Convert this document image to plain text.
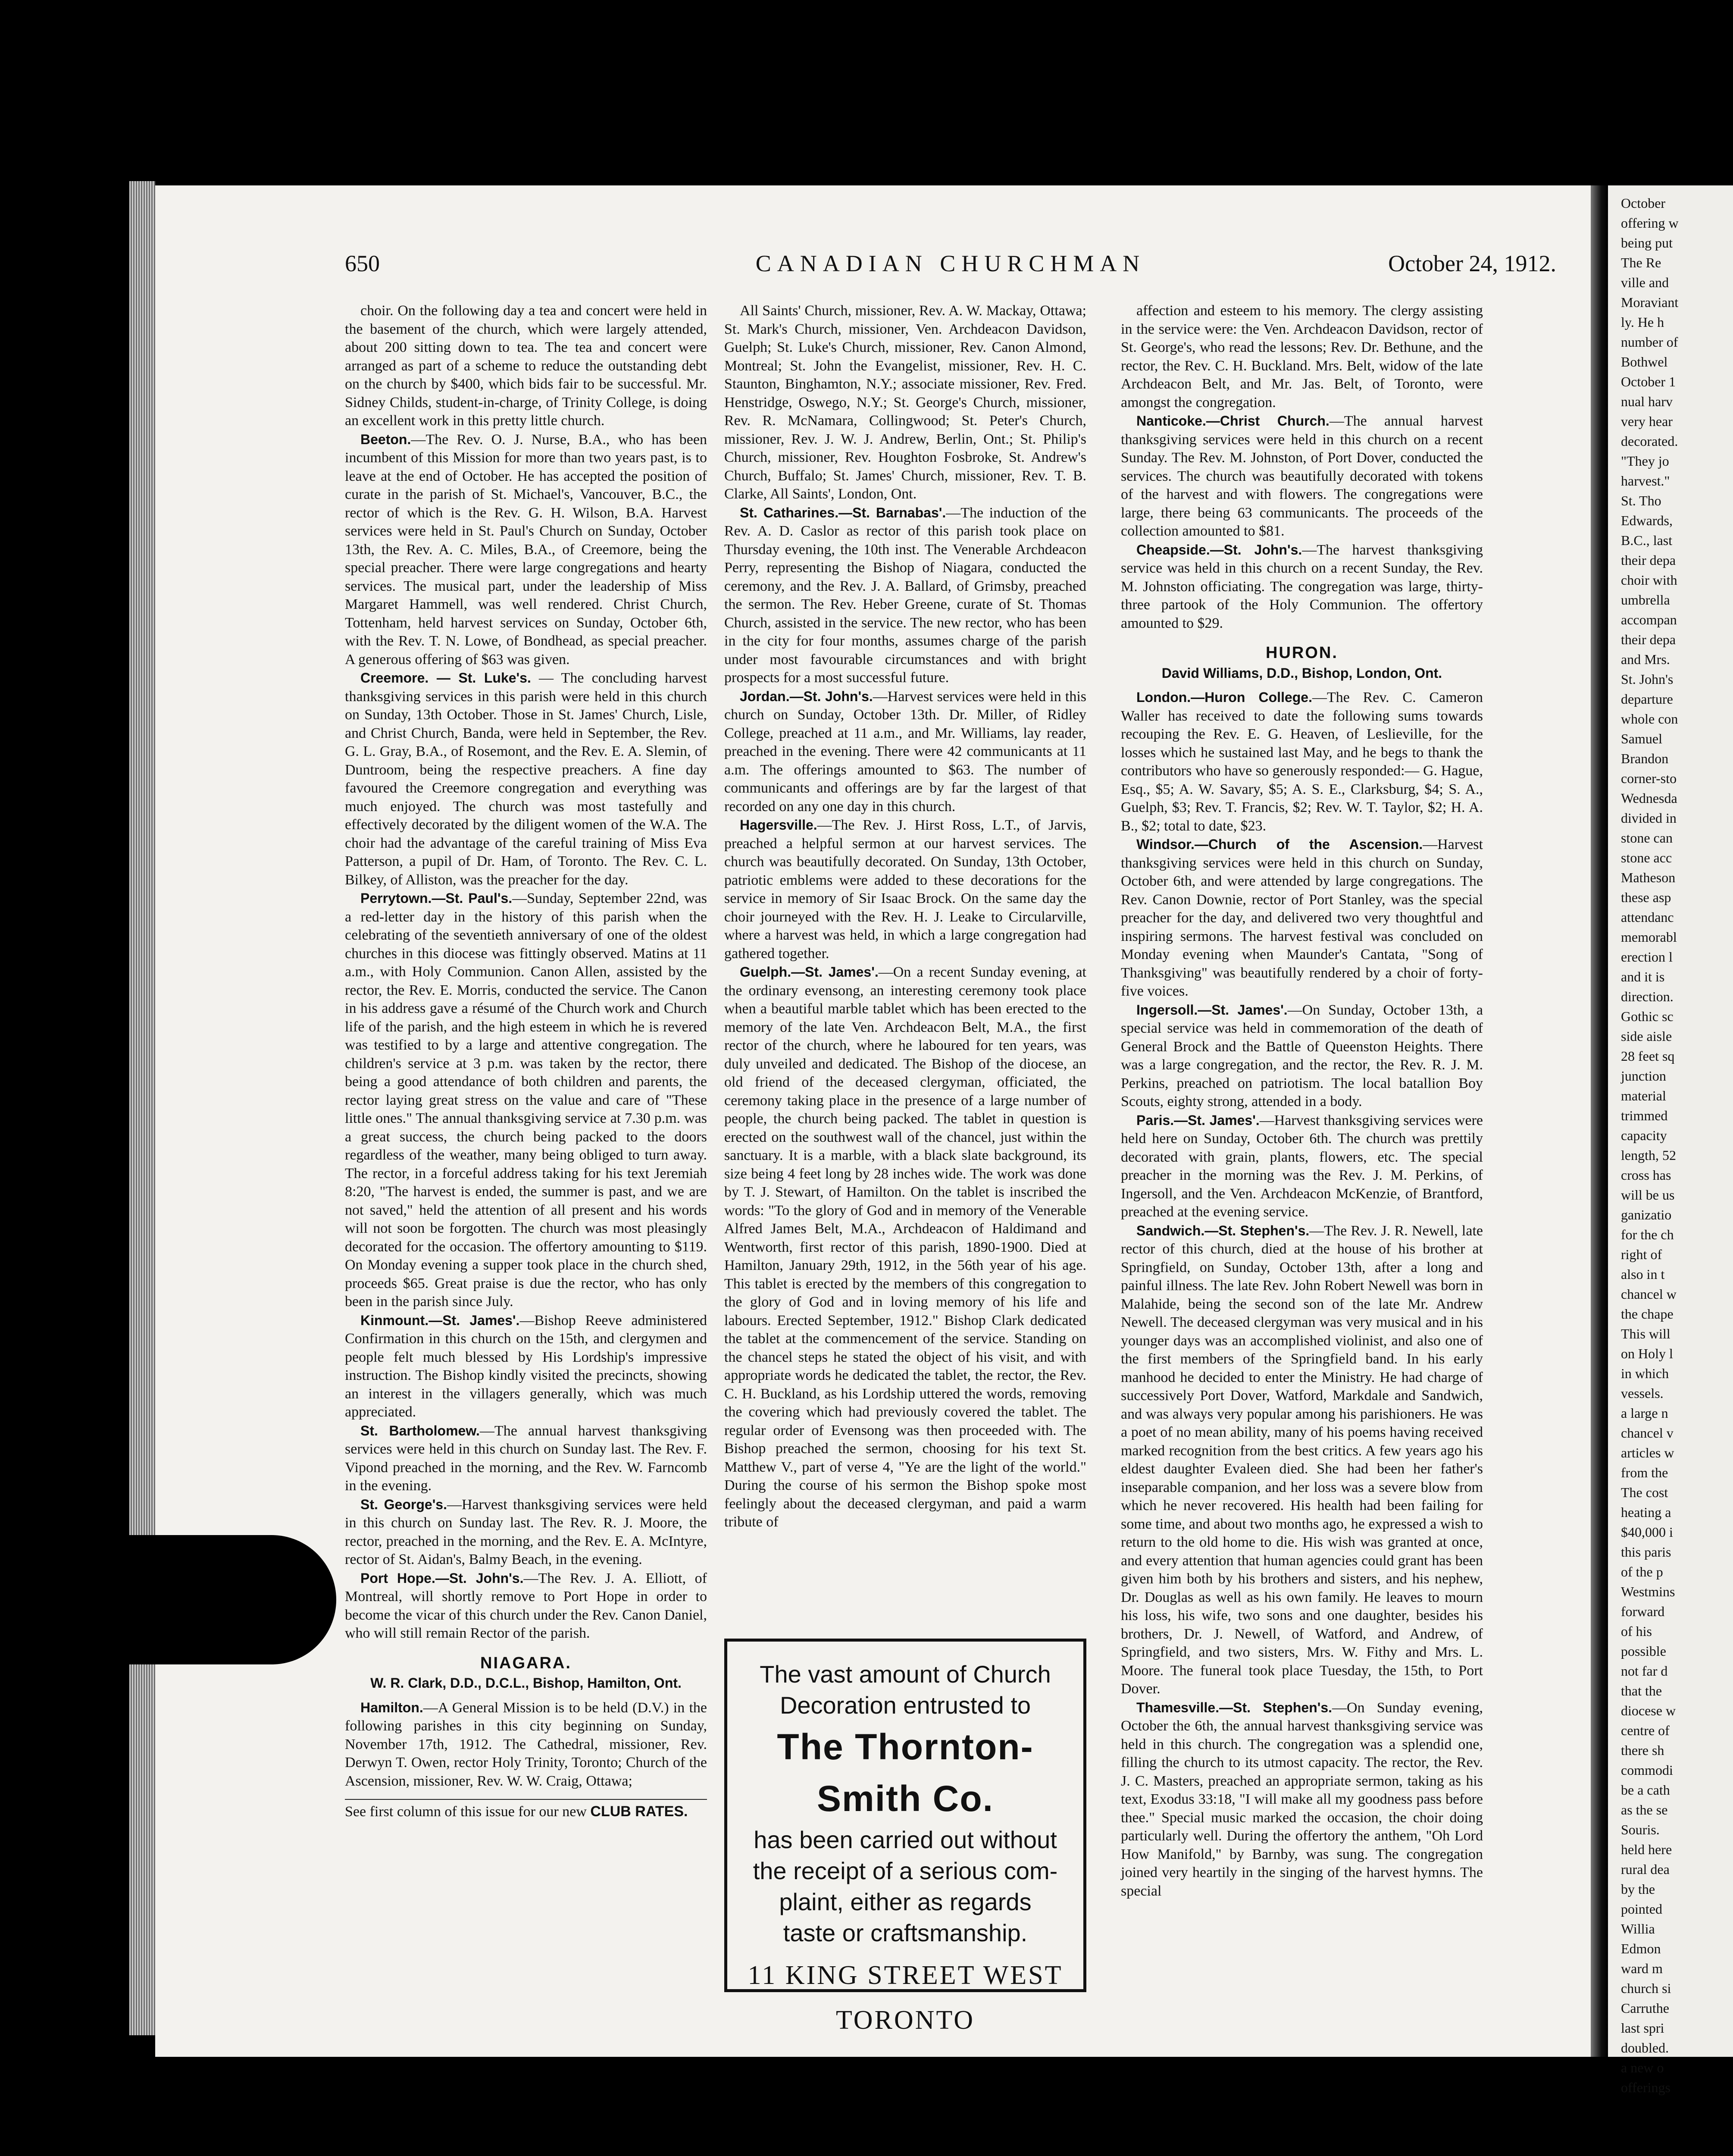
650	CANADIAN CHURCHMAN	October 24, 1912.

choir. On the following day a tea and concert were held in the basement of the church, which were largely attended, about 200 sitting down to tea. The tea and concert were arranged as part of a scheme to reduce the outstanding debt on the church by $400, which bids fair to be successful. Mr. Sidney Childs, student-in-charge, of Trinity College, is doing an excellent work in this pretty little church.

Beeton.—The Rev. O. J. Nurse, B.A., who has been incumbent of this Mission for more than two years past, is to leave at the end of October. He has accepted the position of curate in the parish of St. Michael's, Vancouver, B.C., the rector of which is the Rev. G. H. Wilson, B.A. Harvest services were held in St. Paul's Church on Sunday, October 13th, the Rev. A. C. Miles, B.A., of Creemore, being the special preacher. There were large congregations and hearty services. The musical part, under the leadership of Miss Margaret Hammell, was well rendered. Christ Church, Tottenham, held harvest services on Sunday, October 6th, with the Rev. T. N. Lowe, of Bondhead, as special preacher. A generous offering of $63 was given.

Creemore. — St. Luke's. — The concluding harvest thanksgiving services in this parish were held in this church on Sunday, 13th October. Those in St. James' Church, Lisle, and Christ Church, Banda, were held in September, the Rev. G. L. Gray, B.A., of Rosemont, and the Rev. E. A. Slemin, of Duntroom, being the respective preachers. A fine day favoured the Creemore congregation and everything was much enjoyed. The church was most tastefully and effectively decorated by the diligent women of the W.A. The choir had the advantage of the careful training of Miss Eva Patterson, a pupil of Dr. Ham, of Toronto. The Rev. C. L. Bilkey, of Alliston, was the preacher for the day.

Perrytown.—St. Paul's.—Sunday, September 22nd, was a red-letter day in the history of this parish when the celebrating of the seventieth anniversary of one of the oldest churches in this diocese was fittingly observed. Matins at 11 a.m., with Holy Communion. Canon Allen, assisted by the rector, the Rev. E. Morris, conducted the service. The Canon in his address gave a résumé of the Church work and Church life of the parish, and the high esteem in which he is revered was testified to by a large and attentive congregation. The children's service at 3 p.m. was taken by the rector, there being a good attendance of both children and parents, the rector laying great stress on the value and care of "These little ones." The annual thanksgiving service at 7.30 p.m. was a great success, the church being packed to the doors regardless of the weather, many being obliged to turn away. The rector, in a forceful address taking for his text Jeremiah 8:20, "The harvest is ended, the summer is past, and we are not saved," held the attention of all present and his words will not soon be forgotten. The church was most pleasingly decorated for the occasion. The offertory amounting to $119. On Monday evening a supper took place in the church shed, proceeds $65. Great praise is due the rector, who has only been in the parish since July.

Kinmount.—St. James'.—Bishop Reeve administered Confirmation in this church on the 15th, and clergymen and people felt much blessed by His Lordship's impressive instruction. The Bishop kindly visited the precincts, showing an interest in the villagers generally, which was much appreciated.

St. Bartholomew.—The annual harvest thanksgiving services were held in this church on Sunday last. The Rev. F. Vipond preached in the morning, and the Rev. W. Farncomb in the evening.

St. George's.—Harvest thanksgiving services were held in this church on Sunday last. The Rev. R. J. Moore, the rector, preached in the morning, and the Rev. E. A. McIntyre, rector of St. Aidan's, Balmy Beach, in the evening.

Port Hope.—St. John's.—The Rev. J. A. Elliott, of Montreal, will shortly remove to Port Hope in order to become the vicar of this church under the Rev. Canon Daniel, who will still remain Rector of the parish.

NIAGARA.
W. R. Clark, D.D., D.C.L., Bishop, Hamilton, Ont.

Hamilton.—A General Mission is to be held (D.V.) in the following parishes in this city beginning on Sunday, November 17th, 1912. The Cathedral, missioner, Rev. Derwyn T. Owen, rector Holy Trinity, Toronto; Church of the Ascension, missioner, Rev. W. W. Craig, Ottawa;

See first column of this issue for our new CLUB RATES.

All Saints' Church, missioner, Rev. A. W. Mackay, Ottawa; St. Mark's Church, missioner, Ven. Archdeacon Davidson, Guelph; St. Luke's Church, missioner, Rev. Canon Almond, Montreal; St. John the Evangelist, missioner, Rev. H. C. Staunton, Binghamton, N.Y.; associate missioner, Rev. Fred. Henstridge, Oswego, N.Y.; St. George's Church, missioner, Rev. R. McNamara, Collingwood; St. Peter's Church, missioner, Rev. J. W. J. Andrew, Berlin, Ont.; St. Philip's Church, missioner, Rev. Houghton Fosbroke, St. Andrew's Church, Buffalo; St. James' Church, missioner, Rev. T. B. Clarke, All Saints', London, Ont.

St. Catharines.—St. Barnabas'.—The induction of the Rev. A. D. Caslor as rector of this parish took place on Thursday evening, the 10th inst. The Venerable Archdeacon Perry, representing the Bishop of Niagara, conducted the ceremony, and the Rev. J. A. Ballard, of Grimsby, preached the sermon. The Rev. Heber Greene, curate of St. Thomas Church, assisted in the service. The new rector, who has been in the city for four months, assumes charge of the parish under most favourable circumstances and with bright prospects for a most successful future.

Jordan.—St. John's.—Harvest services were held in this church on Sunday, October 13th. Dr. Miller, of Ridley College, preached at 11 a.m., and Mr. Williams, lay reader, preached in the evening. There were 42 communicants at 11 a.m. The offerings amounted to $63. The number of communicants and offerings are by far the largest of that recorded on any one day in this church.

Hagersville.—The Rev. J. Hirst Ross, L.T., of Jarvis, preached a helpful sermon at our harvest services. The church was beautifully decorated. On Sunday, 13th October, patriotic emblems were added to these decorations for the service in memory of Sir Isaac Brock. On the same day the choir journeyed with the Rev. H. J. Leake to Circularville, where a harvest was held, in which a large congregation had gathered together.

Guelph.—St. James'.—On a recent Sunday evening, at the ordinary evensong, an interesting ceremony took place when a beautiful marble tablet which has been erected to the memory of the late Ven. Archdeacon Belt, M.A., the first rector of the church, where he laboured for ten years, was duly unveiled and dedicated. The Bishop of the diocese, an old friend of the deceased clergyman, officiated, the ceremony taking place in the presence of a large number of people, the church being packed. The tablet in question is erected on the southwest wall of the chancel, just within the sanctuary. It is a marble, with a black slate background, its size being 4 feet long by 28 inches wide. The work was done by T. J. Stewart, of Hamilton. On the tablet is inscribed the words: "To the glory of God and in memory of the Venerable Alfred James Belt, M.A., Archdeacon of Haldimand and Wentworth, first rector of this parish, 1890-1900. Died at Hamilton, January 29th, 1912, in the 56th year of his age. This tablet is erected by the members of this congregation to the glory of God and in loving memory of his life and labours. Erected September, 1912." Bishop Clark dedicated the tablet at the commencement of the service. Standing on the chancel steps he stated the object of his visit, and with appropriate words he dedicated the tablet, the rector, the Rev. C. H. Buckland, as his Lordship uttered the words, removing the covering which had previously covered the tablet. The regular order of Evensong was then proceeded with. The Bishop preached the sermon, choosing for his text St. Matthew V., part of verse 4, "Ye are the light of the world." During the course of his sermon the Bishop spoke most feelingly about the deceased clergyman, and paid a warm tribute of

affection and esteem to his memory. The clergy assisting in the service were: the Ven. Archdeacon Davidson, rector of St. George's, who read the lessons; Rev. Dr. Bethune, and the rector, the Rev. C. H. Buckland. Mrs. Belt, widow of the late Archdeacon Belt, and Mr. Jas. Belt, of Toronto, were amongst the congregation.

Nanticoke.—Christ Church.—The annual harvest thanksgiving services were held in this church on a recent Sunday. The Rev. M. Johnston, of Port Dover, conducted the services. The church was beautifully decorated with tokens of the harvest and with flowers. The congregations were large, there being 63 communicants. The proceeds of the collection amounted to $81.

Cheapside.—St. John's.—The harvest thanksgiving service was held in this church on a recent Sunday, the Rev. M. Johnston officiating. The congregation was large, thirty-three partook of the Holy Communion. The offertory amounted to $29.

HURON.
David Williams, D.D., Bishop, London, Ont.

London.—Huron College.—The Rev. C. Cameron Waller has received to date the following sums towards recouping the Rev. E. G. Heaven, of Leslieville, for the losses which he sustained last May, and he begs to thank the contributors who have so generously responded:— G. Hague, Esq., $5; A. W. Savary, $5; A. S. E., Clarksburg, $4; S. A., Guelph, $3; Rev. T. Francis, $2; Rev. W. T. Taylor, $2; H. A. B., $2; total to date, $23.

Windsor.—Church of the Ascension.—Harvest thanksgiving services were held in this church on Sunday, October 6th, and were attended by large congregations. The Rev. Canon Downie, rector of Port Stanley, was the special preacher for the day, and delivered two very thoughtful and inspiring sermons. The harvest festival was concluded on Monday evening when Maunder's Cantata, "Song of Thanksgiving" was beautifully rendered by a choir of forty-five voices.

Ingersoll.—St. James'.—On Sunday, October 13th, a special service was held in commemoration of the death of General Brock and the Battle of Queenston Heights. There was a large congregation, and the rector, the Rev. R. J. M. Perkins, preached on patriotism. The local batallion Boy Scouts, eighty strong, attended in a body.

Paris.—St. James'.—Harvest thanksgiving services were held here on Sunday, October 6th. The church was prettily decorated with grain, plants, flowers, etc. The special preacher in the morning was the Rev. J. M. Perkins, of Ingersoll, and the Ven. Archdeacon McKenzie, of Brantford, preached at the evening service.

Sandwich.—St. Stephen's.—The Rev. J. R. Newell, late rector of this church, died at the house of his brother at Springfield, on Sunday, October 13th, after a long and painful illness. The late Rev. John Robert Newell was born in Malahide, being the second son of the late Mr. Andrew Newell. The deceased clergyman was very musical and in his younger days was an accomplished violinist, and also one of the first members of the Springfield band. In his early manhood he decided to enter the Ministry. He had charge of successively Port Dover, Watford, Markdale and Sandwich, and was always very popular among his parishioners. He was a poet of no mean ability, many of his poems having received marked recognition from the best critics. A few years ago his eldest daughter Evaleen died. She had been her father's inseparable companion, and her loss was a severe blow from which he never recovered. His health had been failing for some time, and about two months ago, he expressed a wish to return to the old home to die. His wish was granted at once, and every attention that human agencies could grant has been given him both by his brothers and sisters, and his nephew, Dr. Douglas as well as his own family. He leaves to mourn his loss, his wife, two sons and one daughter, besides his brothers, Dr. J. Newell, of Watford, and Andrew, of Springfield, and two sisters, Mrs. W. Fithy and Mrs. L. Moore. The funeral took place Tuesday, the 15th, to Port Dover.

Thamesville.—St. Stephen's.—On Sunday evening, October the 6th, the annual harvest thanksgiving service was held in this church. The congregation was a splendid one, filling the church to its utmost capacity. The rector, the Rev. J. C. Masters, preached an appropriate sermon, taking as his text, Exodus 33:18, "I will make all my goodness pass before thee." Special music marked the occasion, the choir doing particularly well. During the offertory the anthem, "Oh Lord How Manifold," by Barnby, was sung. The congregation joined very heartily in the singing of the harvest hymns. The special

The vast amount of Church
Decoration entrusted to
The Thornton-Smith Co.
has been carried out without
the receipt of a serious com-
plaint, either as regards
taste or craftsmanship.
11 KING STREET WEST
TORONTO
October
offering w
being put
The Re
ville and
Moraviant
ly. He h
number of
Bothwel
October 1
nual harv
very hear
decorated.
"They jo
harvest."
St. Tho
Edwards,
B.C., last
their depa
choir with
umbrella
accompan
their depa
and Mrs.
St. John's
departure
whole con
Samuel
Brandon
corner-sto
Wednesda
divided in
stone can
stone acc
Matheson
these asp
attendanc
memorabl
erection l
and it is
direction.
Gothic sc
side aisle
28 feet sq
junction
material
trimmed
capacity
length, 52
cross has
will be us
ganizatio
for the ch
right of
also in t
chancel w
the chape
This will
on Holy l
in which
vessels.
a large n
chancel v
articles w
from the
The cost
heating a
$40,000 i
this paris
of the p
Westmins
forward
of his
possible
not far d
that the
diocese w
centre of
there sh
commodi
be a cath
as the se
Souris.
held here
rural dea
by the
pointed
Willia
Edmon
ward m
church si
Carruthe
last spri
doubled.
a new o
offerings
